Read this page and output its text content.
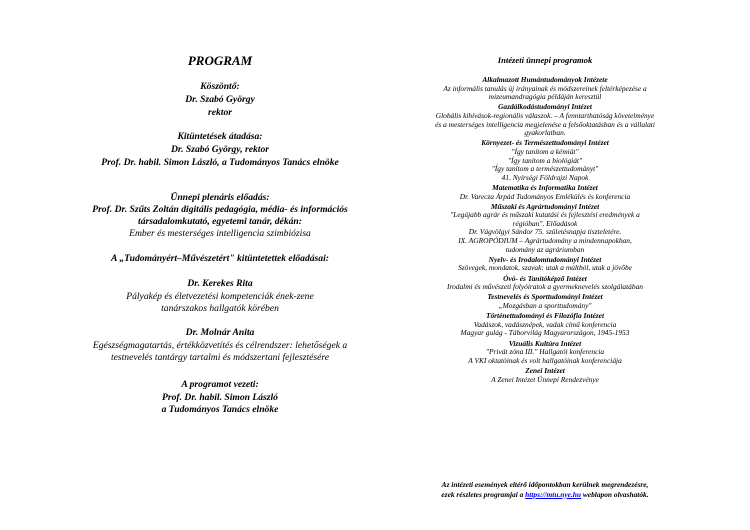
PROGRAM
Köszöntő:
Dr. Szabó György
rektor
Kitüntetések átadása:
Dr. Szabó György, rektor
Prof. Dr. habil. Simon László, a Tudományos Tanács elnöke
Ünnepi plenáris előadás:
Prof. Dr. Szűts Zoltán digitális pedagógia, média- és információs
társadalomkutató, egyetemi tanár, dékán:
Ember és mesterséges intelligencia szimbiózisa
A „Tudományért–Művészetért" kitüntetettek előadásai:
Dr. Kerekes Rita
Pályakép és életvezetési kompetenciák ének-zene
tanárszakos hallgatók körében
Dr. Molnár Anita
Egészségmagatartás, értékközvetítés és célrendszer: lehetőségek a
testnevelés tantárgy tartalmi és módszertani fejlesztésére
A programot vezeti:
Prof. Dr. habil. Simon László
a Tudományos Tanács elnöke
Intézeti ünnepi programok
Alkalmazott Humántudományok Intézete
Az informális tanulás új irányainak és módszereinek feltérképezése a
mizeumandragógia példáján keresztül
Gazdálkodástudományi Intézet
Globális kihívások-regionális válaszok. – A fenntarthatóság követelménye
és a mesterséges intelligencia megjelenése a felsőoktatásban és a vállalati
gyakorlatban.
Környezet- és Természettudományi Intézet
"Így tanítom a kémiát"
"Így tanítom a biológiát"
"Így tanítom a természettudományt"
41. Nyírségi Földrajzi Napok
Matematika és Informatika Intézet
Dr. Varecza Árpád Tudományos Emlékülés és konferencia
Műszaki és Agrártudományi Intézet
"Legújabb agrár és műszaki kutatási és fejlesztési eredmények a
régióban". Előadások
Dr. Vágvölgyi Sándor 75. születésnapja tiszteletére.
IX. AGROPÓDIUM – Agrártudomány a mindennapokban,
tudomány az agráriumban
Nyelv- és Irodalomtudományi Intézet
Szövegek, mondatok, szavak: utak a múltból, utak a jövőbe
Óvó- és Tanítóképző Intézet
Irodalmi és művészeti folyóiratok a gyermeknevelés szolgálatában
Testnevelés és Sporttudományi Intézet
„Mozgásban a sporttudomány"
Történettudományi és Filozófia Intézet
Vadászok, vadásznépek, vadak című konferencia
Magyar gulág - Táborvilág Magyarországon, 1945-1953
Vizuális Kultúra Intézet
"Privát zóna III." Hallgatói konferencia
A VKI oktatóinak és volt hallgatóinak konferenciája
Zenei Intézet
A Zenei Intézet Ünnepi Rendezvénye
Az intézeti események eltérő időpontokban kerülnek megrendezésre,
ezek részletes programjai a https://mtu.nye.hu weblapon olvashatók.
